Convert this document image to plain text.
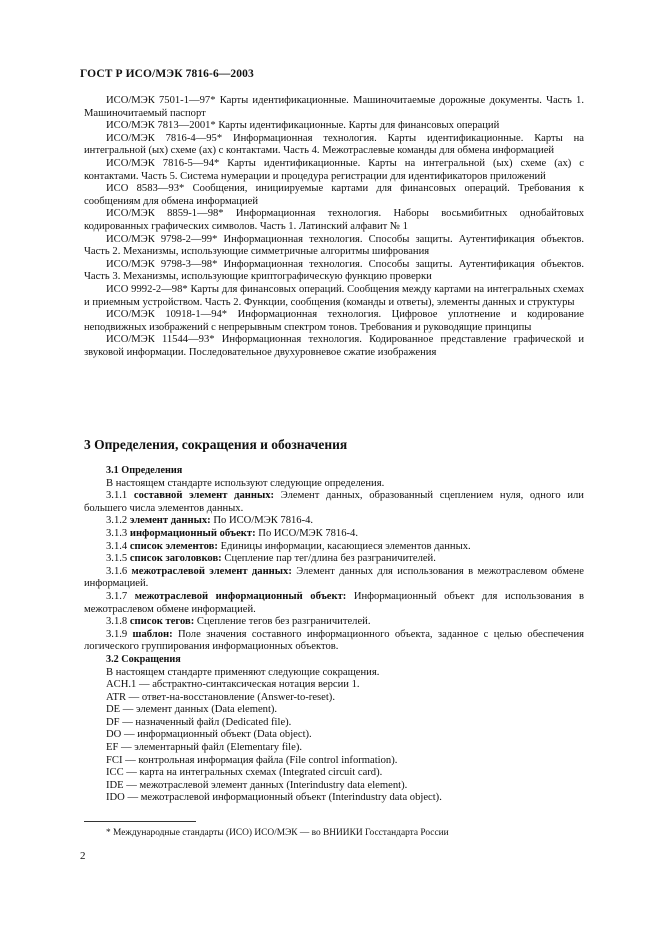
ГОСТ Р ИСО/МЭК 7816-6—2003

ИСО/МЭК 7501-1—97* Карты идентификационные. Машиночитаемые дорожные документы. Часть 1. Машиночитаемый паспорт

ИСО/МЭК 7813—2001* Карты идентификационные. Карты для финансовых операций

ИСО/МЭК 7816-4—95* Информационная технология. Карты идентификационные. Карты на интегральной (ых) схеме (ах) с контактами. Часть 4. Межотраслевые команды для обмена информацией

ИСО/МЭК 7816-5—94* Карты идентификационные. Карты на интегральной (ых) схеме (ах) с контактами. Часть 5. Система нумерации и процедура регистрации для идентификаторов приложений

ИСО 8583—93* Сообщения, инициируемые картами для финансовых операций. Требования к сообщениям для обмена информацией

ИСО/МЭК 8859-1—98* Информационная технология. Наборы восьмибитных однобайтовых кодированных графических символов. Часть 1. Латинский алфавит № 1

ИСО/МЭК 9798-2—99* Информационная технология. Способы защиты. Аутентификация объектов. Часть 2. Механизмы, использующие симметричные алгоритмы шифрования

ИСО/МЭК 9798-3—98* Информационная технология. Способы защиты. Аутентификация объектов. Часть 3. Механизмы, использующие криптографическую функцию проверки

ИСО 9992-2—98* Карты для финансовых операций. Сообщения между картами на интегральных схемах и приемным устройством. Часть 2. Функции, сообщения (команды и ответы), элементы данных и структуры

ИСО/МЭК 10918-1—94* Информационная технология. Цифровое уплотнение и кодирование неподвижных изображений с непрерывным спектром тонов. Требования и руководящие принципы

ИСО/МЭК 11544—93* Информационная технология. Кодированное представление графической и звуковой информации. Последовательное двухуровневое сжатие изображения

3 Определения, сокращения и обозначения

3.1 Определения

В настоящем стандарте используют следующие определения.

3.1.1 составной элемент данных: Элемент данных, образованный сцеплением нуля, одного или большего числа элементов данных.

3.1.2 элемент данных: По ИСО/МЭК 7816-4.

3.1.3 информационный объект: По ИСО/МЭК 7816-4.

3.1.4 список элементов: Единицы информации, касающиеся элементов данных.

3.1.5 список заголовков: Сцепление пар тег/длина без разграничителей.

3.1.6 межотраслевой элемент данных: Элемент данных для использования в межотраслевом обмене информацией.

3.1.7 межотраслевой информационный объект: Информационный объект для использования в межотраслевом обмене информацией.

3.1.8 список тегов: Сцепление тегов без разграничителей.

3.1.9 шаблон: Поле значения составного информационного объекта, заданное с целью обеспечения логического группирования информационных объектов.

3.2 Сокращения

В настоящем стандарте применяют следующие сокращения.

ACH.1 — абстрактно-синтаксическая нотация версии 1.

ATR — ответ-на-восстановление (Answer-to-reset).

DE — элемент данных (Data element).

DF — назначенный файл (Dedicated file).

DO — информационный объект (Data object).

EF — элементарный файл (Elementary file).

FCI — контрольная информация файла (File control information).

ICC — карта на интегральных схемах (Integrated circuit card).

IDE — межотраслевой элемент данных (Interindustry data element).

IDO — межотраслевой информационный объект (Interindustry data object).

* Международные стандарты (ИСО) ИСО/МЭК — во ВНИИКИ Госстандарта России
2
